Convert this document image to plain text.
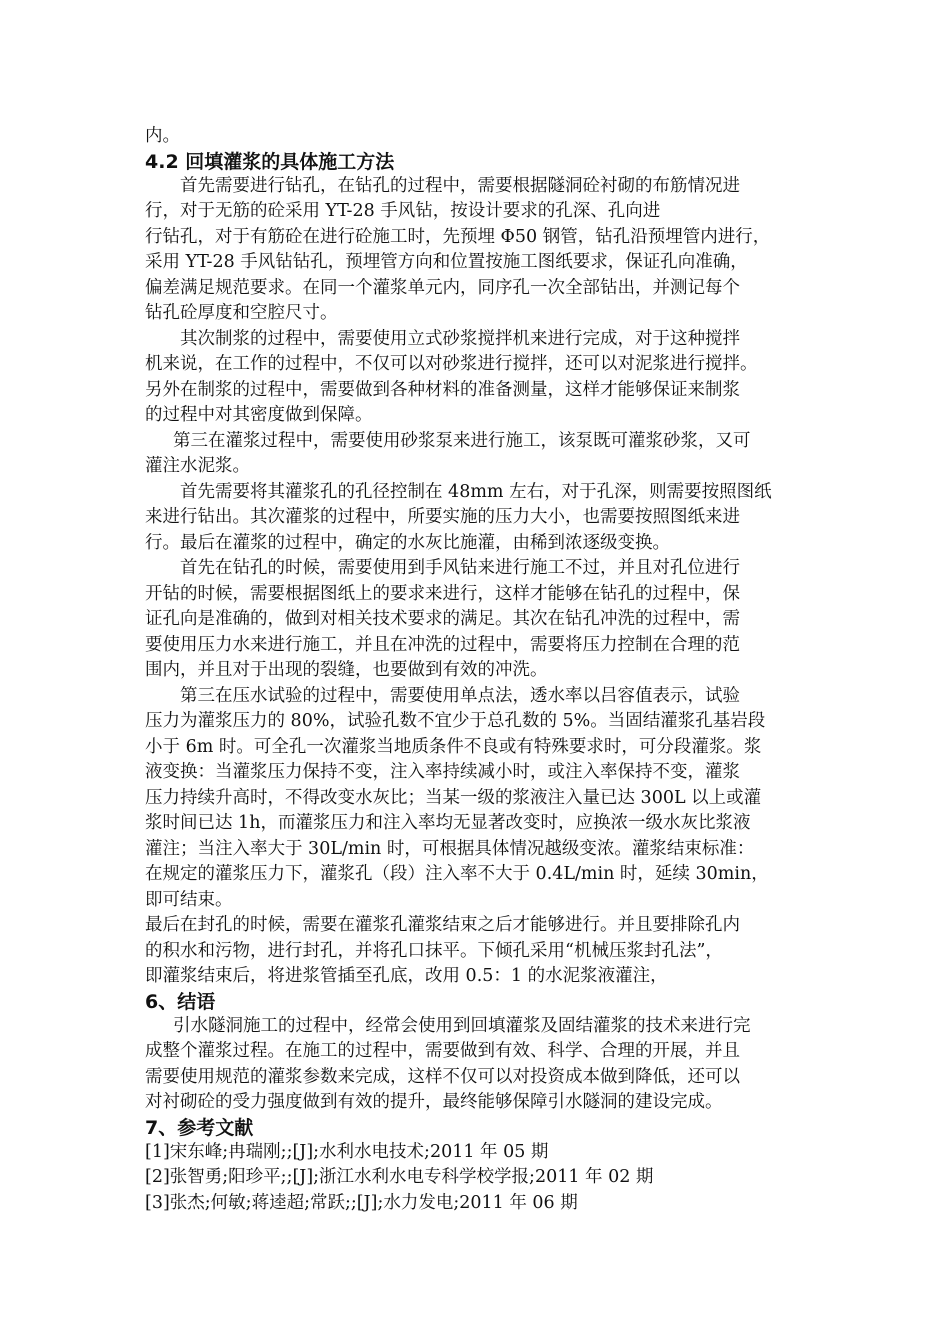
内。
4.2 回填灌浆的具体施工方法
首先需要进行钻孔，在钻孔的过程中，需要根据隧洞砼衬砌的布筋情况进
行，对于无筋的砼采用 YT-28 手风钻，按设计要求的孔深、孔向进
行钻孔，对于有筋砼在进行砼施工时，先预埋 Φ50 钢管，钻孔沿预埋管内进行，
采用 YT-28 手风钻钻孔，预埋管方向和位置按施工图纸要求，保证孔向准确，
偏差满足规范要求。在同一个灌浆单元内，同序孔一次全部钻出，并测记每个
钻孔砼厚度和空腔尺寸。
其次制浆的过程中，需要使用立式砂浆搅拌机来进行完成，对于这种搅拌
机来说，在工作的过程中，不仅可以对砂浆进行搅拌，还可以对泥浆进行搅拌。
另外在制浆的过程中，需要做到各种材料的准备测量，这样才能够保证来制浆
的过程中对其密度做到保障。
第三在灌浆过程中，需要使用砂浆泵来进行施工，该泵既可灌浆砂浆，又可
灌注水泥浆。
首先需要将其灌浆孔的孔径控制在 48mm 左右，对于孔深，则需要按照图纸
来进行钻出。其次灌浆的过程中，所要实施的压力大小，也需要按照图纸来进
行。最后在灌浆的过程中，确定的水灰比施灌，由稀到浓逐级变换。
首先在钻孔的时候，需要使用到手风钻来进行施工不过，并且对孔位进行
开钻的时候，需要根据图纸上的要求来进行，这样才能够在钻孔的过程中，保
证孔向是准确的，做到对相关技术要求的满足。其次在钻孔冲洗的过程中，需
要使用压力水来进行施工，并且在冲洗的过程中，需要将压力控制在合理的范
围内，并且对于出现的裂缝，也要做到有效的冲洗。
第三在压水试验的过程中，需要使用单点法，透水率以吕容值表示，试验
压力为灌浆压力的 80%，试验孔数不宜少于总孔数的 5%。当固结灌浆孔基岩段
小于 6m 时。可全孔一次灌浆当地质条件不良或有特殊要求时，可分段灌浆。浆
液变换：当灌浆压力保持不变，注入率持续减小时，或注入率保持不变，灌浆
压力持续升高时，不得改变水灰比；当某一级的浆液注入量已达 300L 以上或灌
浆时间已达 1h，而灌浆压力和注入率均无显著改变时，应换浓一级水灰比浆液
灌注；当注入率大于 30L/min 时，可根据具体情况越级变浓。灌浆结束标准：
在规定的灌浆压力下，灌浆孔（段）注入率不大于 0.4L/min 时，延续 30min，
即可结束。
最后在封孔的时候，需要在灌浆孔灌浆结束之后才能够进行。并且要排除孔内
的积水和污物，进行封孔，并将孔口抹平。下倾孔采用“机械压浆封孔法”，
即灌浆结束后，将进浆管插至孔底，改用 0.5：1 的水泥浆液灌注，
6、结语
引水隧洞施工的过程中，经常会使用到回填灌浆及固结灌浆的技术来进行完
成整个灌浆过程。在施工的过程中，需要做到有效、科学、合理的开展，并且
需要使用规范的灌浆参数来完成，这样不仅可以对投资成本做到降低，还可以
对衬砌砼的受力强度做到有效的提升，最终能够保障引水隧洞的建设完成。
7、参考文献
[1]宋东峰;冉瑞刚;;[J];水利水电技术;2011 年 05 期
[2]张智勇;阳珍平;;[J];浙江水利水电专科学校学报;2011 年 02 期
[3]张杰;何敏;蒋逵超;常跃;;[J];水力发电;2011 年 06 期
